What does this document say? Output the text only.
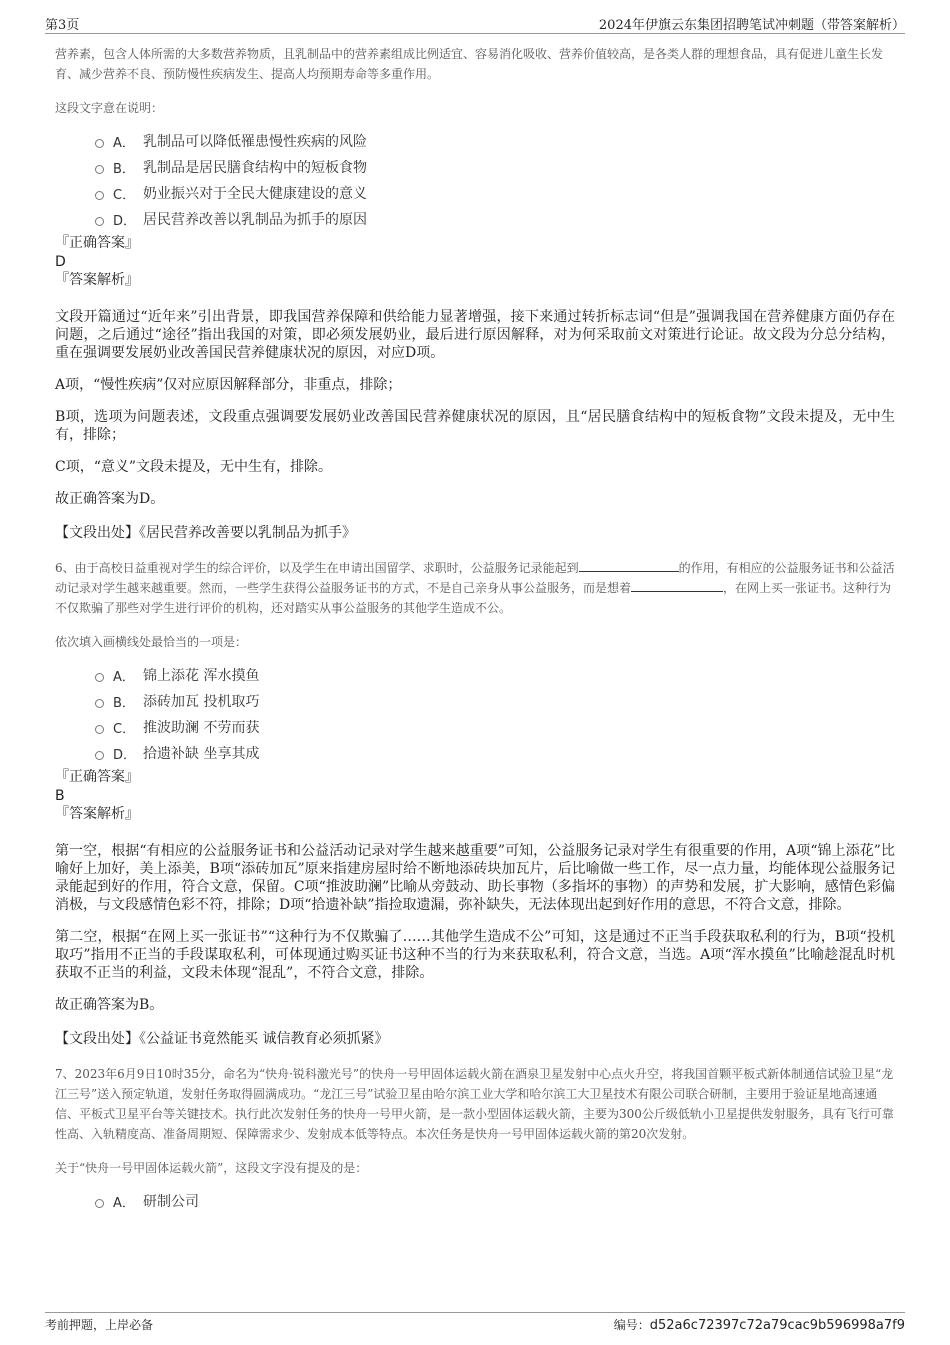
第3页	2024年伊旗云东集团招聘笔试冲刺题（带答案解析）
营养素，包含人体所需的大多数营养物质，且乳制品中的营养素组成比例适宜、容易消化吸收、营养价值较高，是各类人群的理想食品，具有促进儿童生长发育、减少营养不良、预防慢性疾病发生、提高人均预期寿命等多重作用。
这段文字意在说明：
A． 乳制品可以降低罹患慢性疾病的风险
B． 乳制品是居民膳食结构中的短板食物
C． 奶业振兴对于全民大健康建设的意义
D． 居民营养改善以乳制品为抓手的原因
『正确答案』
D
『答案解析』
文段开篇通过“近年来”引出背景，即我国营养保障和供给能力显著增强，接下来通过转折标志词“但是”强调我国在营养健康方面仍存在问题，之后通过“途径”指出我国的对策，即必须发展奶业，最后进行原因解释，对为何采取前文对策进行论证。故文段为分总分结构，重在强调要发展奶业改善国民营养健康状况的原因，对应D项。
A项，“慢性疾病”仅对应原因解释部分，非重点，排除；
B项，选项为问题表述，文段重点强调要发展奶业改善国民营养健康状况的原因，且“居民膳食结构中的短板食物”文段未提及，无中生有，排除；
C项，“意义”文段未提及，无中生有，排除。
故正确答案为D。
【文段出处】《居民营养改善要以乳制品为抓手》
6、由于高校日益重视对学生的综合评价，以及学生在申请出国留学、求职时，公益服务记录能起到	的作用，有相应的公益服务证书和公益活动记录对学生越来越重要。然而，一些学生获得公益服务证书的方式，不是自己亲身从事公益服务，而是想着	，在网上买一张证书。这种行为不仅欺骗了那些对学生进行评价的机构，还对踏实从事公益服务的其他学生造成不公。
依次填入画横线处最恰当的一项是：
A． 锦上添花 浑水摸鱼
B． 添砖加瓦 投机取巧
C． 推波助澜 不劳而获
D． 拾遗补缺 坐享其成
『正确答案』
B
『答案解析』
第一空，根据“有相应的公益服务证书和公益活动记录对学生越来越重要”可知，公益服务记录对学生有很重要的作用，A项“锦上添花”比喻好上加好，美上添美，B项“添砖加瓦”原来指建房屋时给不断地添砖块加瓦片，后比喻做一些工作，尽一点力量，均能体现公益服务记录能起到好的作用，符合文意，保留。C项“推波助澜”比喻从旁鼓动、助长事物（多指坏的事物）的声势和发展，扩大影响，感情色彩偏消极，与文段感情色彩不符，排除；D项“拾遗补缺”指捡取遗漏，弥补缺失，无法体现出起到好作用的意思，不符合文意，排除。
第二空，根据“在网上买一张证书”“这种行为不仅欺骗了……其他学生造成不公”可知，这是通过不正当手段获取私利的行为，B项“投机取巧”指用不正当的手段谋取私利，可体现通过购买证书这种不当的行为来获取私利，符合文意，当选。A项“浑水摸鱼”比喻趁混乱时机获取不正当的利益，文段未体现“混乱”，不符合文意，排除。
故正确答案为B。
【文段出处】《公益证书竟然能买 诚信教育必须抓紧》
7、2023年6月9日10时35分，命名为“快舟·锐科激光号”的快舟一号甲固体运载火箭在酒泉卫星发射中心点火升空，将我国首颗平板式新体制通信试验卫星“龙江三号”送入预定轨道，发射任务取得圆满成功。“龙江三号”试验卫星由哈尔滨工业大学和哈尔滨工大卫星技术有限公司联合研制，主要用于验证星地高速通信、平板式卫星平台等关键技术。执行此次发射任务的快舟一号甲火箭，是一款小型固体运载火箭，主要为300公斤级低轨小卫星提供发射服务，具有飞行可靠性高、入轨精度高、准备周期短、保障需求少、发射成本低等特点。本次任务是快舟一号甲固体运载火箭的第20次发射。
关于“快舟一号甲固体运载火箭”，这段文字没有提及的是：
A． 研制公司
考前押题，上岸必备	编号：d52a6c72397c72a79cac9b596998a7f9
